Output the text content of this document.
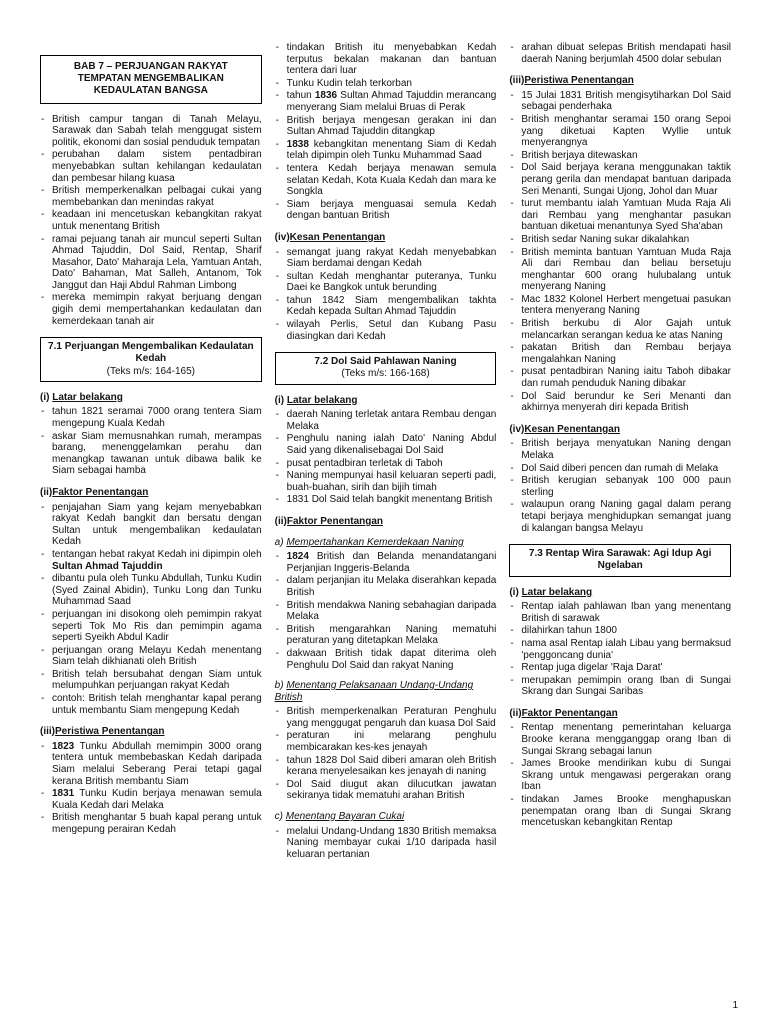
BAB 7 – PERJUANGAN RAKYAT
TEMPATAN MENGEMBALIKAN
KEDAULATAN BANGSA
- British campur tangan di Tanah Melayu, Sarawak dan Sabah telah menggugat sistem politik, ekonomi dan sosial penduduk tempatan
- perubahan dalam sistem pentadbiran menyebabkan sultan kehilangan kedaulatan dan pembesar hilang kuasa
- British memperkenalkan pelbagai cukai yang membebankan dan menindas rakyat
- keadaan ini mencetuskan kebangkitan rakyat untuk menentang British
- ramai pejuang tanah air muncul seperti Sultan Ahmad Tajuddin, Dol Said, Rentap, Sharif Masahor, Dato' Maharaja Lela, Yamtuan Antah, Dato' Bahaman, Mat Salleh, Antanom, Tok Janggut dan Haji Abdul Rahman Limbong
- mereka memimpin rakyat berjuang dengan gigih demi mempertahankan kedaulatan dan kemerdekaan tanah air
7.1 Perjuangan Mengembalikan Kedaulatan Kedah
(Teks m/s: 164-165)
(i) Latar belakang
- tahun 1821 seramai 7000 orang tentera Siam mengepung Kuala Kedah
- askar Siam memusnahkan rumah, merampas barang, menenggelamkan perahu dan menangkap tawanan untuk dibawa balik ke Siam sebagai hamba
(ii)Faktor Penentangan
- penjajahan Siam yang kejam menyebabkan rakyat Kedah bangkit dan bersatu dengan Sultan untuk mengembalikan kedaulatan Kedah
- tentangan hebat rakyat Kedah ini dipimpin oleh Sultan Ahmad Tajuddin
- dibantu pula oleh Tunku Abdullah, Tunku Kudin (Syed Zainal Abidin), Tunku Long dan Tunku Muhammad Saad
- perjuangan ini disokong oleh pemimpin rakyat seperti Tok Mo Ris dan pemimpin agama seperti Syeikh Abdul Kadir
- perjuangan orang Melayu Kedah menentang Siam telah dikhianati oleh British
- British telah bersubahat dengan Siam untuk melumpuhkan perjuangan rakyat Kedah
- contoh: British telah menghantar kapal perang untuk membantu Siam mengepung Kedah
(iii)Peristiwa Penentangan
- 1823 Tunku Abdullah memimpin 3000 orang tentera untuk membebaskan Kedah daripada Siam melalui Seberang Perai tetapi gagal kerana British membantu Siam
- 1831 Tunku Kudin berjaya menawan semula Kuala Kedah dari Melaka
- British menghantar 5 buah kapal perang untuk mengepung perairan Kedah
- tindakan British itu menyebabkan Kedah terputus bekalan makanan dan bantuan tentera dari luar
- Tunku Kudin telah terkorban
- tahun 1836 Sultan Ahmad Tajuddin merancang menyerang Siam melalui Bruas di Perak
- British berjaya mengesan gerakan ini dan Sultan Ahmad Tajuddin ditangkap
- 1838 kebangkitan menentang Siam di Kedah telah dipimpin oleh Tunku Muhammad Saad
- tentera Kedah berjaya menawan semula selatan Kedah, Kota Kuala Kedah dan mara ke Songkla
- Siam berjaya menguasai semula Kedah dengan bantuan British
(iv)Kesan Penentangan
- semangat juang rakyat Kedah menyebabkan Siam berdamai dengan Kedah
- sultan Kedah menghantar puteranya, Tunku Daei ke Bangkok untuk berunding
- tahun 1842 Siam mengembalikan takhta Kedah kepada Sultan Ahmad Tajuddin
- wilayah Perlis, Setul dan Kubang Pasu diasingkan dari Kedah
7.2 Dol Said Pahlawan Naning
(Teks m/s: 166-168)
(i) Latar belakang
- daerah Naning terletak antara Rembau dengan Melaka
- Penghulu naning ialah Dato' Naning Abdul Said yang dikenalisebagai Dol Said
- pusat pentadbiran terletak di Taboh
- Naning mempunyai hasil keluaran seperti padi, buah-buahan, sirih dan bijih timah
- 1831 Dol Said telah bangkit menentang British
(ii)Faktor Penentangan
a) Mempertahankan Kemerdekaan Naning
- 1824 British dan Belanda menandatangani Perjanjian Inggeris-Belanda
- dalam perjanjian itu Melaka diserahkan kepada British
- British mendakwa Naning sebahagian daripada Melaka
- British mengarahkan Naning mematuhi peraturan yang ditetapkan Melaka
- dakwaan British tidak dapat diterima oleh Penghulu Dol Said dan rakyat Naning
b) Menentang Pelaksanaan Undang-Undang British
- British memperkenalkan Peraturan Penghulu yang menggugat pengaruh dan kuasa Dol Said
- peraturan ini melarang penghulu membicarakan kes-kes jenayah
- tahun 1828 Dol Said diberi amaran oleh British kerana menyelesaikan kes jenayah di naning
- Dol Said diugut akan dilucutkan jawatan sekiranya tidak mematuhi arahan British
c) Menentang Bayaran Cukai
- melalui Undang-Undang 1830 British memaksa Naning membayar cukai 1/10 daripada hasil keluaran pertanian
- arahan dibuat selepas British mendapati hasil daerah Naning berjumlah 4500 dolar sebulan
(iii)Peristiwa Penentangan
- 15 Julai 1831 British mengisytiharkan Dol Said sebagai penderhaka
- British menghantar seramai 150 orang Sepoi yang diketuai Kapten Wyllie untuk menyerangnya
- British berjaya ditewaskan
- Dol Said berjaya kerana menggunakan taktik perang gerila dan mendapat bantuan daripada Seri Menanti, Sungai Ujong, Johol dan Muar
- turut membantu ialah Yamtuan Muda Raja Ali dari Rembau yang menghantar pasukan bantuan diketuai menantunya Syed Sha'aban
- British sedar Naning sukar dikalahkan
- British meminta bantuan Yamtuan Muda Raja Ali dari Rembau dan beliau bersetuju menghantar 600 orang hulubalang untuk menyerang Naning
- Mac 1832 Kolonel Herbert mengetuai pasukan tentera menyerang Naning
- British berkubu di Alor Gajah untuk melancarkan serangan kedua ke atas Naning
- pakatan British dan Rembau berjaya mengalahkan Naning
- pusat pentadbiran Naning iaitu Taboh dibakar dan rumah penduduk Naning dibakar
- Dol Said berundur ke Seri Menanti dan akhirnya menyerah diri kepada British
(iv)Kesan Penentangan
- British berjaya menyatukan Naning dengan Melaka
- Dol Said diberi pencen dan rumah di Melaka
- British kerugian sebanyak 100 000 paun sterling
- walaupun orang Naning gagal dalam perang tetapi berjaya menghidupkan semangat juang di kalangan bangsa Melayu
7.3 Rentap Wira Sarawak: Agi Idup Agi Ngelaban
(i) Latar belakang
- Rentap ialah pahlawan Iban yang menentang British di sarawak
- dilahirkan tahun 1800
- nama asal Rentap ialah Libau yang bermaksud 'penggoncang dunia'
- Rentap juga digelar 'Raja Darat'
- merupakan pemimpin orang Iban di Sungai Skrang dan Sungai Saribas
(ii)Faktor Penentangan
- Rentap menentang pemerintahan keluarga Brooke kerana mengganggap orang Iban di Sungai Skrang sebagai lanun
- James Brooke mendirikan kubu di Sungai Skrang untuk mengawasi pergerakan orang Iban
- tindakan James Brooke menghapuskan penempatan orang Iban di Sungai Skrang mencetuskan kebangkitan Rentap
1
